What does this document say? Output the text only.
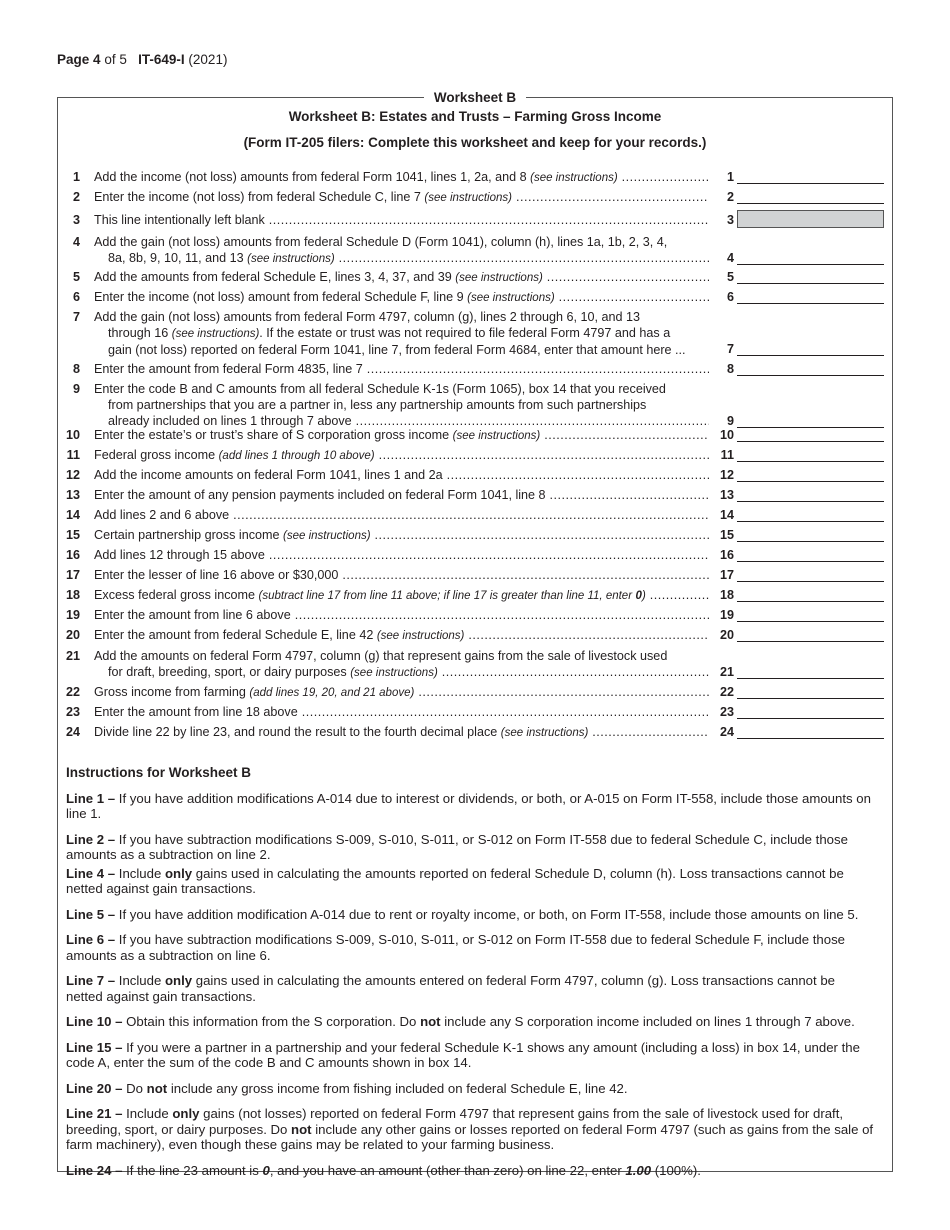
Page 4 of 5 IT-649-I (2021)
Worksheet B
Worksheet B: Estates and Trusts – Farming Gross Income
(Form IT-205 filers: Complete this worksheet and keep for your records.)
1 Add the income (not loss) amounts from federal Form 1041, lines 1, 2a, and 8 (see instructions) .....	1
2 Enter the income (not loss) from federal Schedule C, line 7 (see instructions) .....	2
3 This line intentionally left blank .....	3
4 Add the gain (not loss) amounts from federal Schedule D (Form 1041), column (h), lines 1a, 1b, 2, 3, 4,
8a, 8b, 9, 10, 11, and 13 (see instructions) .....	4
5 Add the amounts from federal Schedule E, lines 3, 4, 37, and 39 (see instructions) .....	5
6 Enter the income (not loss) amount from federal Schedule F, line 9 (see instructions) .....	6
7 Add the gain (not loss) amounts from federal Form 4797, column (g), lines 2 through 6, 10, and 13
through 16 (see instructions). If the estate or trust was not required to file federal Form 4797 and has a
gain (not loss) reported on federal Form 1041, line 7, from federal Form 4684, enter that amount here ...	7
8 Enter the amount from federal Form 4835, line 7 .....	8
9 Enter the code B and C amounts from all federal Schedule K-1s (Form 1065), box 14 that you received
from partnerships that you are a partner in, less any partnership amounts from such partnerships
already included on lines 1 through 7 above .....	9
10 Enter the estate’s or trust’s share of S corporation gross income (see instructions) .....	10
11 Federal gross income (add lines 1 through 10 above) .....	11
12 Add the income amounts on federal Form 1041, lines 1 and 2a .....	12
13 Enter the amount of any pension payments included on federal Form 1041, line 8 .....	13
14 Add lines 2 and 6 above .....	14
15 Certain partnership gross income (see instructions) .....	15
16 Add lines 12 through 15 above .....	16
17 Enter the lesser of line 16 above or $30,000 .....	17
18 Excess federal gross income (subtract line 17 from line 11 above; if line 17 is greater than line 11, enter 0) .....	18
19 Enter the amount from line 6 above .....	19
20 Enter the amount from federal Schedule E, line 42 (see instructions) .....	20
21 Add the amounts on federal Form 4797, column (g) that represent gains from the sale of livestock used
for draft, breeding, sport, or dairy purposes (see instructions) .....	21
22 Gross income from farming (add lines 19, 20, and 21 above) .....	22
23 Enter the amount from line 18 above .....	23
24 Divide line 22 by line 23, and round the result to the fourth decimal place (see instructions) .....	24
Instructions for Worksheet B

Line 1 – If you have addition modifications A-014 due to interest or dividends, or both, or A-015 on Form IT-558, include those amounts on line 1.

Line 2 – If you have subtraction modifications S-009, S-010, S-011, or S-012 on Form IT-558 due to federal Schedule C, include those amounts as a subtraction on line 2.

Line 4 – Include only gains used in calculating the amounts reported on federal Schedule D, column (h). Loss transactions cannot be netted against gain transactions.

Line 5 – If you have addition modification A-014 due to rent or royalty income, or both, on Form IT-558, include those amounts on line 5.

Line 6 – If you have subtraction modifications S-009, S-010, S-011, or S-012 on Form IT-558 due to federal Schedule F, include those amounts as a subtraction on line 6.

Line 7 – Include only gains used in calculating the amounts entered on federal Form 4797, column (g). Loss transactions cannot be netted against gain transactions.

Line 10 – Obtain this information from the S corporation. Do not include any S corporation income included on lines 1 through 7 above.

Line 15 – If you were a partner in a partnership and your federal Schedule K-1 shows any amount (including a loss) in box 14, under the code A, enter the sum of the code B and C amounts shown in box 14.

Line 20 – Do not include any gross income from fishing included on federal Schedule E, line 42.

Line 21 – Include only gains (not losses) reported on federal Form 4797 that represent gains from the sale of livestock used for draft, breeding, sport, or dairy purposes. Do not include any other gains or losses reported on federal Form 4797 (such as gains from the sale of farm machinery), even though these gains may be related to your farming business.

Line 24 – If the line 23 amount is 0, and you have an amount (other than zero) on line 22, enter 1.00 (100%).
